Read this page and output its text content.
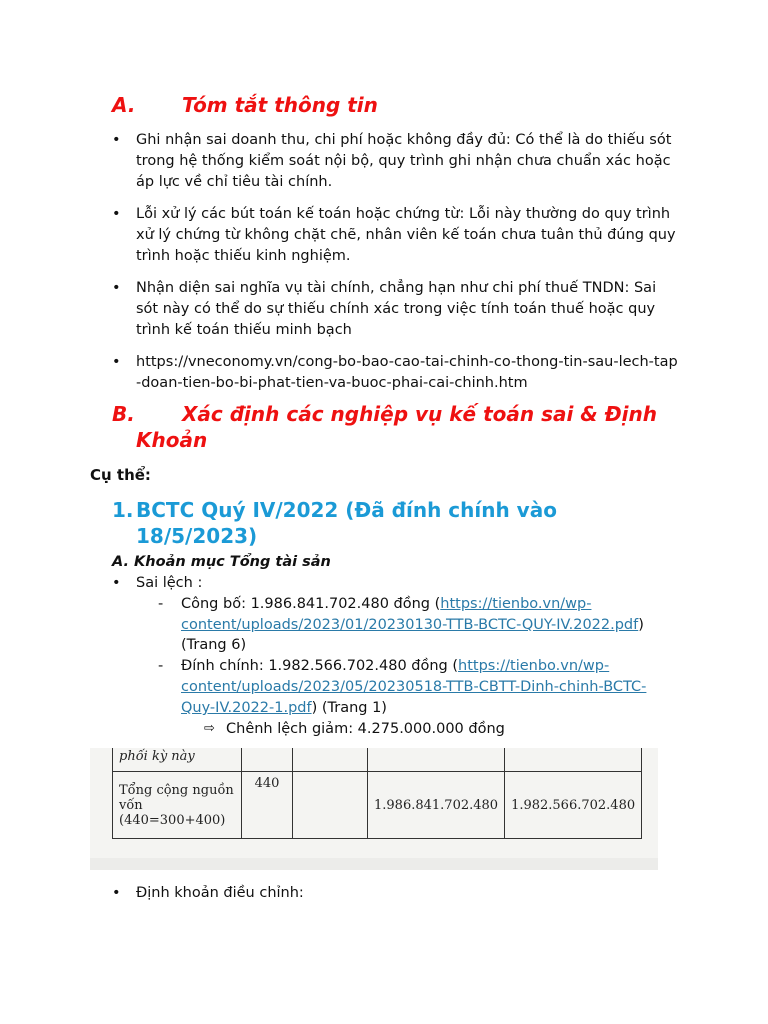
A. Tóm tắt thông tin
• Ghi nhận sai doanh thu, chi phí hoặc không đầy đủ: Có thể là do thiếu sót trong hệ thống kiểm soát nội bộ, quy trình ghi nhận chưa chuẩn xác hoặc áp lực về chỉ tiêu tài chính.
• Lỗi xử lý các bút toán kế toán hoặc chứng từ: Lỗi này thường do quy trình xử lý chứng từ không chặt chẽ, nhân viên kế toán chưa tuân thủ đúng quy trình hoặc thiếu kinh nghiệm.
• Nhận diện sai nghĩa vụ tài chính, chẳng hạn như chi phí thuế TNDN: Sai sót này có thể do sự thiếu chính xác trong việc tính toán thuế hoặc quy trình kế toán thiếu minh bạch
• https://vneconomy.vn/cong-bo-bao-cao-tai-chinh-co-thong-tin-sau-lech-tap-doan-tien-bo-bi-phat-tien-va-buoc-phai-cai-chinh.htm
B. Xác định các nghiệp vụ kế toán sai & Định
Khoản
Cụ thể:
1. BCTC Quý IV/2022 (Đã đính chính vào
18/5/2023)
A. Khoản mục Tổng tài sản
• Sai lệch :
- Công bố: 1.986.841.702.480 đồng (https://tienbo.vn/wp-
content/uploads/2023/01/20230130-TTB-BCTC-QUY-IV.2022.pdf)
(Trang 6)
- Đính chính: 1.982.566.702.480 đồng (https://tienbo.vn/wp-
content/uploads/2023/05/20230518-TTB-CBTT-Dinh-chinh-BCTC-
Quy-IV.2022-1.pdf) (Trang 1)
⇨ Chênh lệch giảm: 4.275.000.000 đồng
phối kỳ này				
Tổng cộng nguồn vốn (440=300+400)	440		1.986.841.702.480	1.982.566.702.480
• Định khoản điều chỉnh:
